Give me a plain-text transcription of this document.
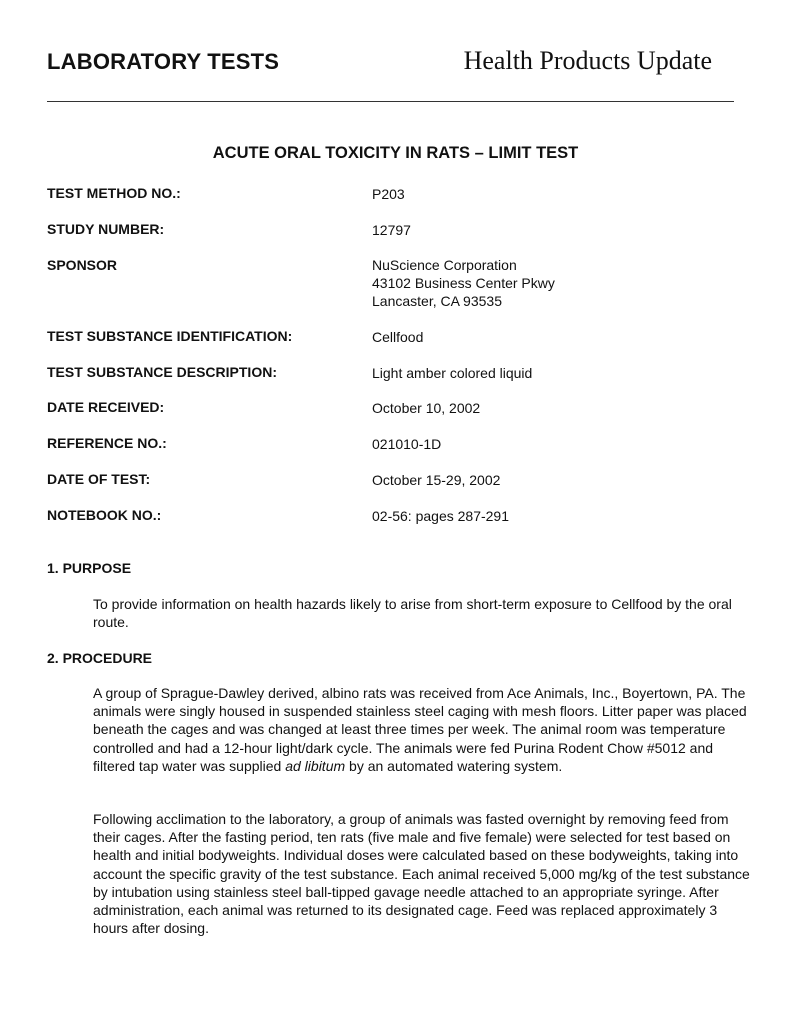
LABORATORY TESTS	Health Products Update
ACUTE ORAL TOXICITY IN RATS – LIMIT TEST
TEST METHOD NO.:	P203
STUDY NUMBER:	12797
SPONSOR	NuScience Corporation
43102 Business Center Pkwy
Lancaster, CA 93535
TEST SUBSTANCE IDENTIFICATION:	Cellfood
TEST SUBSTANCE DESCRIPTION:	Light amber colored liquid
DATE RECEIVED:	October 10, 2002
REFERENCE NO.:	021010-1D
DATE OF TEST:	October 15-29, 2002
NOTEBOOK NO.:	02-56: pages 287-291
1. PURPOSE
To provide information on health hazards likely to arise from short-term exposure to Cellfood by the oral route.
2. PROCEDURE
A group of Sprague-Dawley derived, albino rats was received from Ace Animals, Inc., Boyertown, PA. The animals were singly housed in suspended stainless steel caging with mesh floors. Litter paper was placed beneath the cages and was changed at least three times per week. The animal room was temperature controlled and had a 12-hour light/dark cycle. The animals were fed Purina Rodent Chow #5012 and filtered tap water was supplied ad libitum by an automated watering system.
Following acclimation to the laboratory, a group of animals was fasted overnight by removing feed from their cages. After the fasting period, ten rats (five male and five female) were selected for test based on health and initial bodyweights. Individual doses were calculated based on these bodyweights, taking into account the specific gravity of the test substance. Each animal received 5,000 mg/kg of the test substance by intubation using stainless steel ball-tipped gavage needle attached to an appropriate syringe. After administration, each animal was returned to its designated cage. Feed was replaced approximately 3 hours after dosing.
